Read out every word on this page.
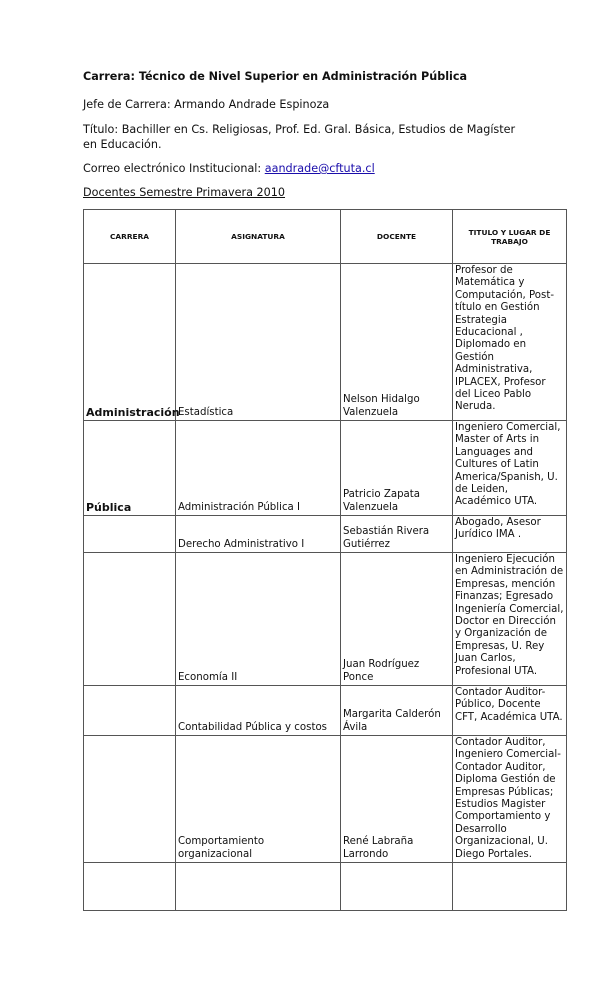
Carrera: Técnico de Nivel Superior en Administración Pública
Jefe de Carrera: Armando Andrade Espinoza
Título: Bachiller en Cs. Religiosas, Prof. Ed. Gral. Básica, Estudios de Magíster
en Educación.
Correo electrónico Institucional: aandrade@cftuta.cl
Docentes Semestre Primavera 2010
CARRERA	ASIGNATURA	DOCENTE	TITULO Y LUGAR DE TRABAJO
Administración	Estadística	Nelson Hidalgo Valenzuela	Profesor de Matemática y Computación, Post-título en Gestión Estrategia Educacional , Diplomado en Gestión Administrativa, IPLACEX, Profesor del Liceo Pablo Neruda.
Pública	Administración Pública I	Patricio Zapata Valenzuela	Ingeniero Comercial, Master of Arts in Languages and Cultures of Latin America/Spanish, U. de Leiden, Académico UTA.
	Derecho Administrativo I	Sebastián Rivera Gutiérrez	Abogado, Asesor Jurídico IMA .
	Economía II	Juan Rodríguez Ponce	Ingeniero Ejecución en Administración de Empresas, mención Finanzas; Egresado Ingeniería Comercial, Doctor en Dirección y Organización de Empresas, U. Rey Juan Carlos, Profesional UTA.
	Contabilidad Pública y costos	Margarita Calderón Ávila	Contador Auditor-Público, Docente CFT, Académica UTA.
	Comportamiento organizacional	René Labraña Larrondo	Contador Auditor, Ingeniero Comercial-Contador Auditor, Diploma Gestión de Empresas Públicas; Estudios Magister Comportamiento y Desarrollo Organizacional, U. Diego Portales.
